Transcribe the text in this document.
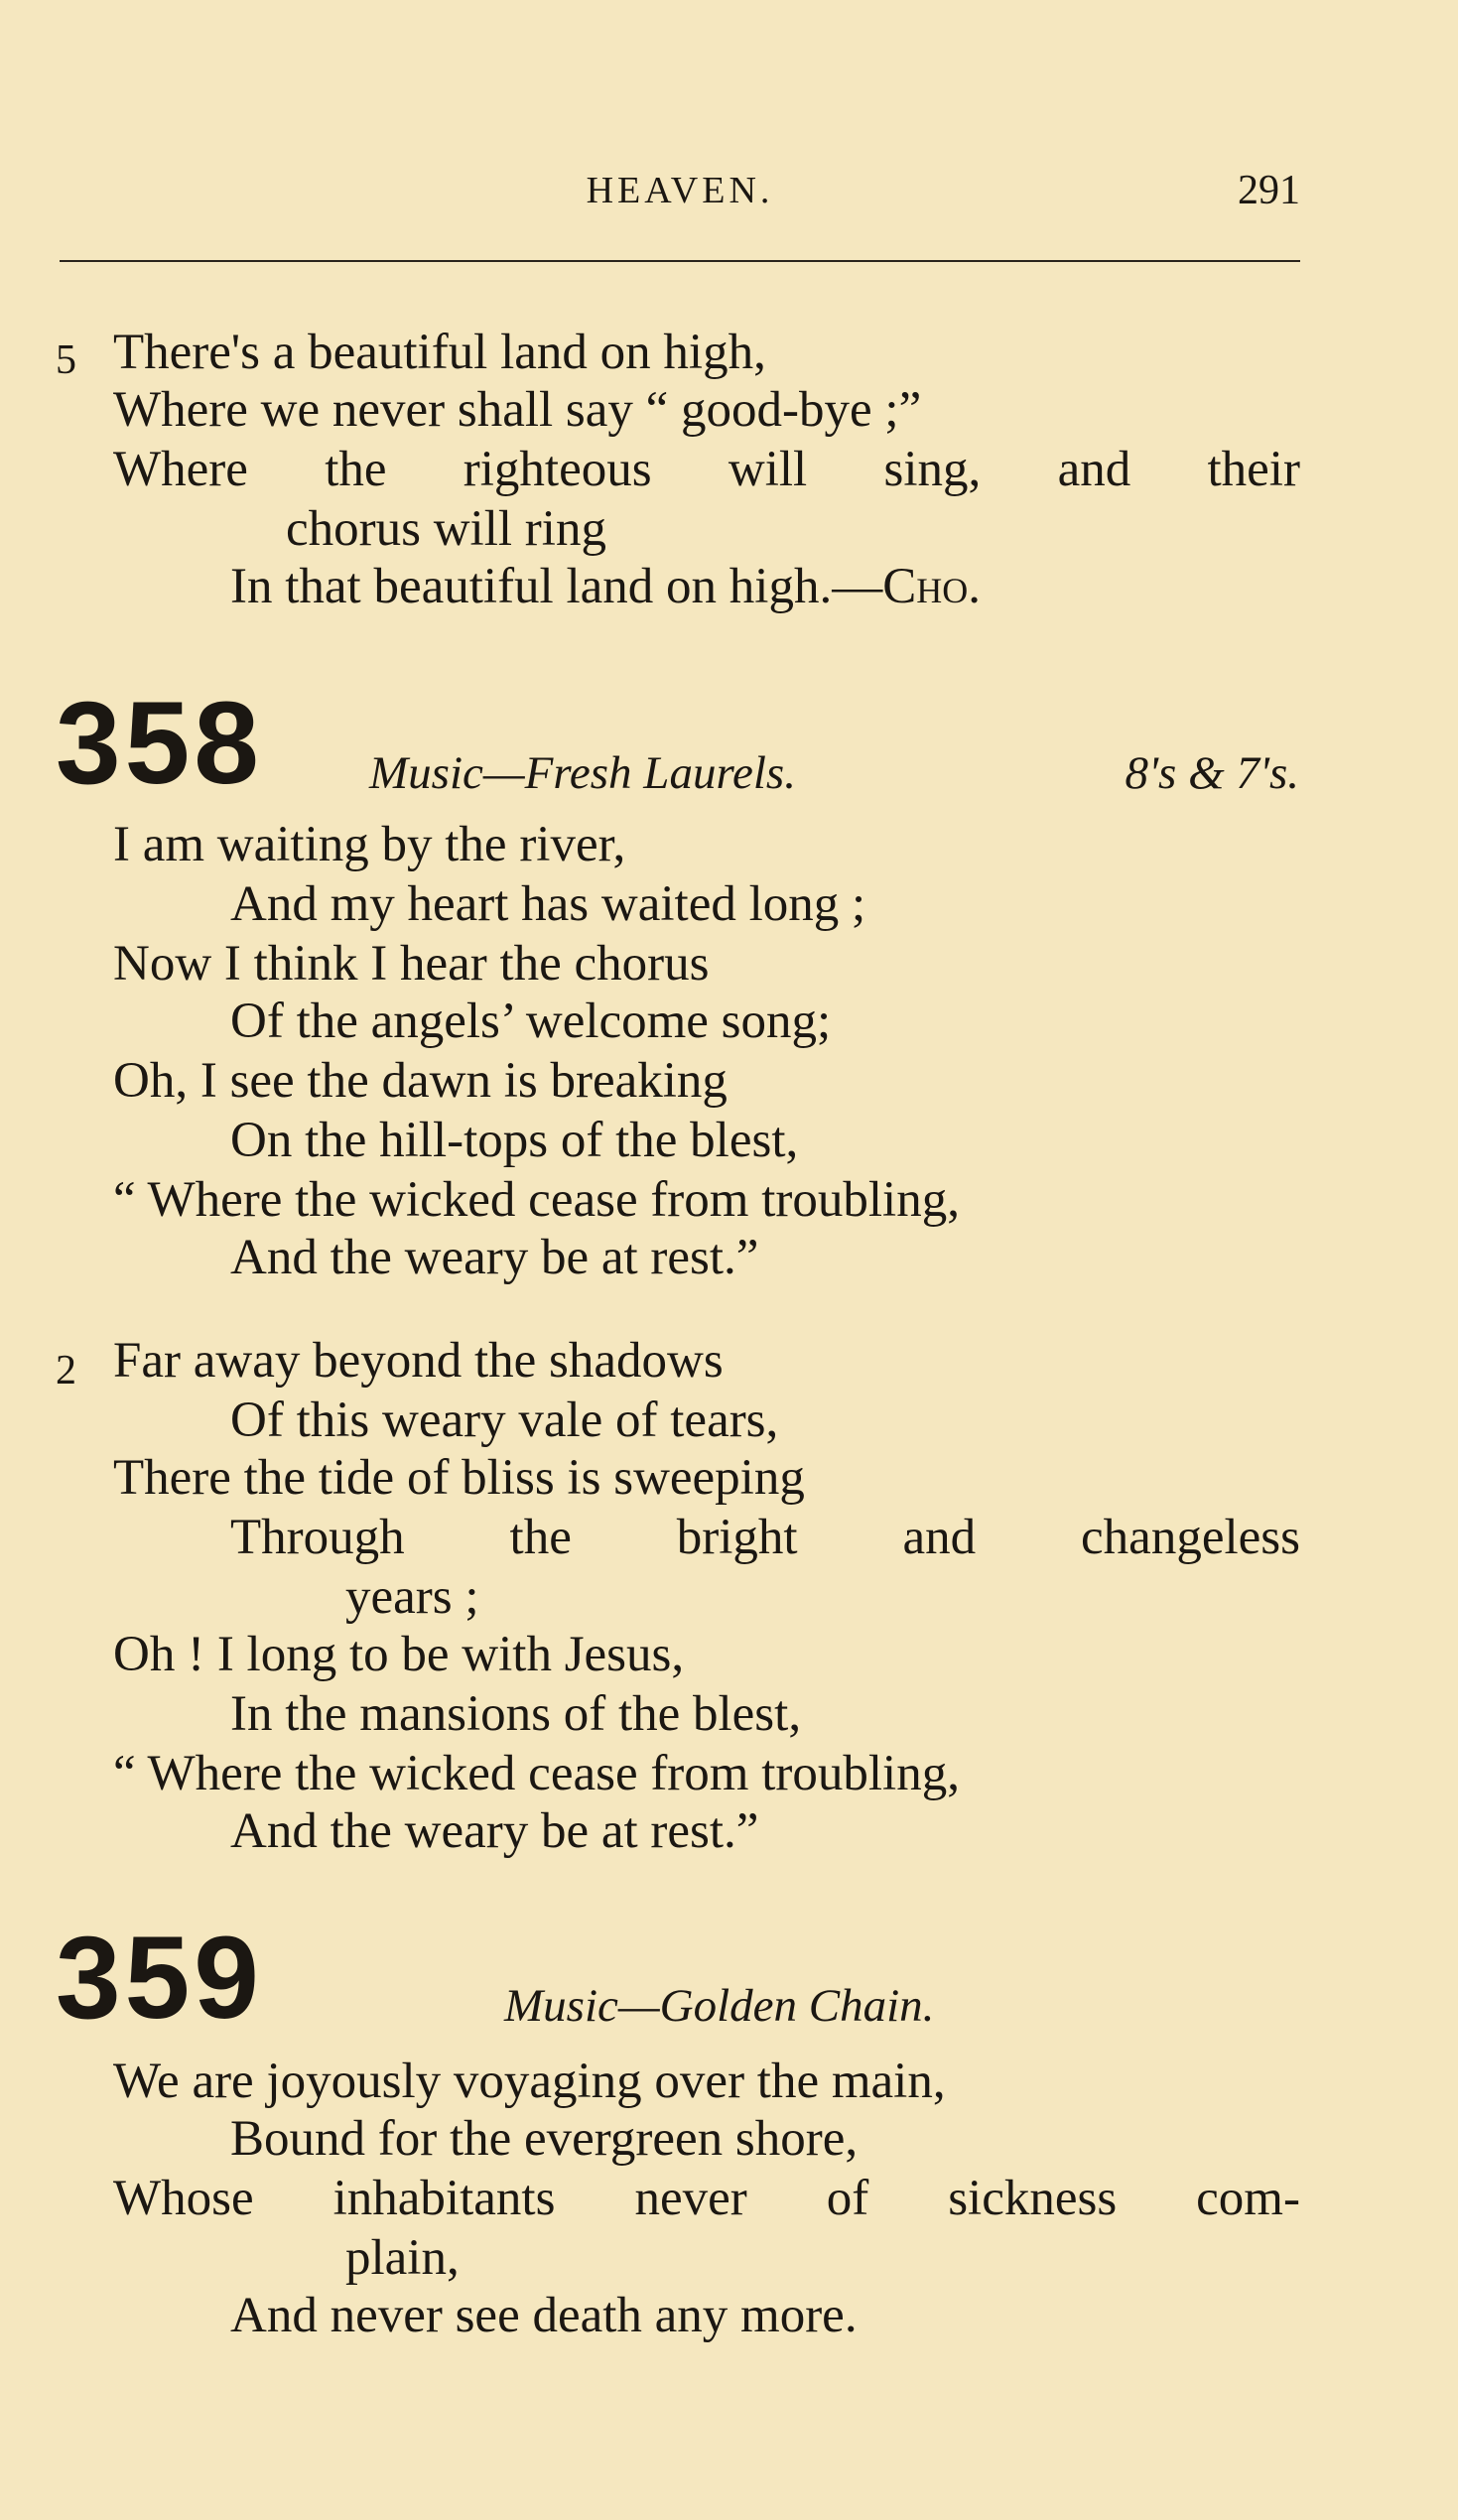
HEAVEN.	291
5 There's a beautiful land on high,
Where we never shall say “ good-bye ;”
Where the righteous will sing, and their
chorus will ring
In that beautiful land on high.—Cho.
358 Music—Fresh Laurels.	8's & 7's.
I am waiting by the river,
And my heart has waited long ;
Now I think I hear the chorus
Of the angels’ welcome song;
Oh, I see the dawn is breaking
On the hill-tops of the blest,
“ Where the wicked cease from troubling,
And the weary be at rest.”
2 Far away beyond the shadows
Of this weary vale of tears,
There the tide of bliss is sweeping
Through the bright and changeless
years ;
Oh ! I long to be with Jesus,
In the mansions of the blest,
“ Where the wicked cease from troubling,
And the weary be at rest.”
359	Music—Golden Chain.
We are joyously voyaging over the main,
Bound for the evergreen shore,
Whose inhabitants never of sickness com-
plain,
And never see death any more.
